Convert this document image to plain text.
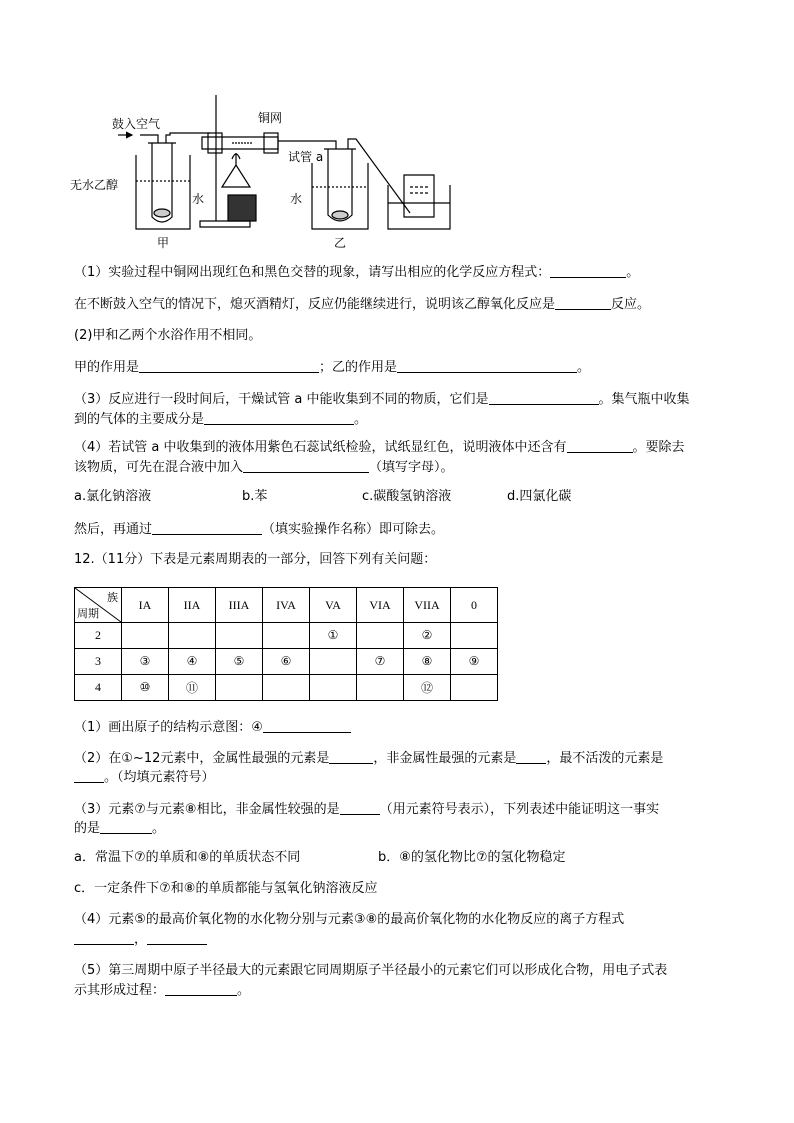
鼓入空气	铜网
无水乙醇
水
试管 a
水
甲	乙
（1）实验过程中铜网出现红色和黑色交替的现象，请写出相应的化学反应方程式：	。
在不断鼓入空气的情况下，熄灭酒精灯，反应仍能继续进行，说明该乙醇氧化反应是	反应。
(2)甲和乙两个水浴作用不相同。
甲的作用是	；乙的作用是	。
（3）反应进行一段时间后，干燥试管 a 中能收集到不同的物质，它们是	。集气瓶中收集
到的气体的主要成分是	。
（4）若试管 a 中收集到的液体用紫色石蕊试纸检验，试纸显红色，说明液体中还含有	。要除去
该物质，可先在混合液中加入	（填写字母）。
a.氯化钠溶液	b.苯	c.碳酸氢钠溶液	d.四氯化碳
然后，再通过	（填实验操作名称）即可除去。
12.（11分）下表是元素周期表的一部分，回答下列有关问题：
族
周期	IA	IIA	IIIA	IVA	VA	VIA	VIIA	0
2					①		②	
3	③	④	⑤	⑥		⑦	⑧	⑨
4	⑩	⑪					⑫	
（1）画出原子的结构示意图：④
（2）在①~12元素中，金属性最强的元素是	，非金属性最强的元素是 ，最不活泼的元素是
。（均填元素符号）
（3）元素⑦与元素⑧相比，非金属性较强的是	（用元素符号表示），下列表述中能证明这一事实
的是	。
a．常温下⑦的单质和⑧的单质状态不同	b．⑧的氢化物比⑦的氢化物稳定
c．一定条件下⑦和⑧的单质都能与氢氧化钠溶液反应
（4）元素⑤的最高价氧化物的水化物分别与元素③⑧的最高价氧化物的水化物反应的离子方程式
，
（5）第三周期中原子半径最大的元素跟它同周期原子半径最小的元素它们可以形成化合物，用电子式表
示其形成过程：	。
